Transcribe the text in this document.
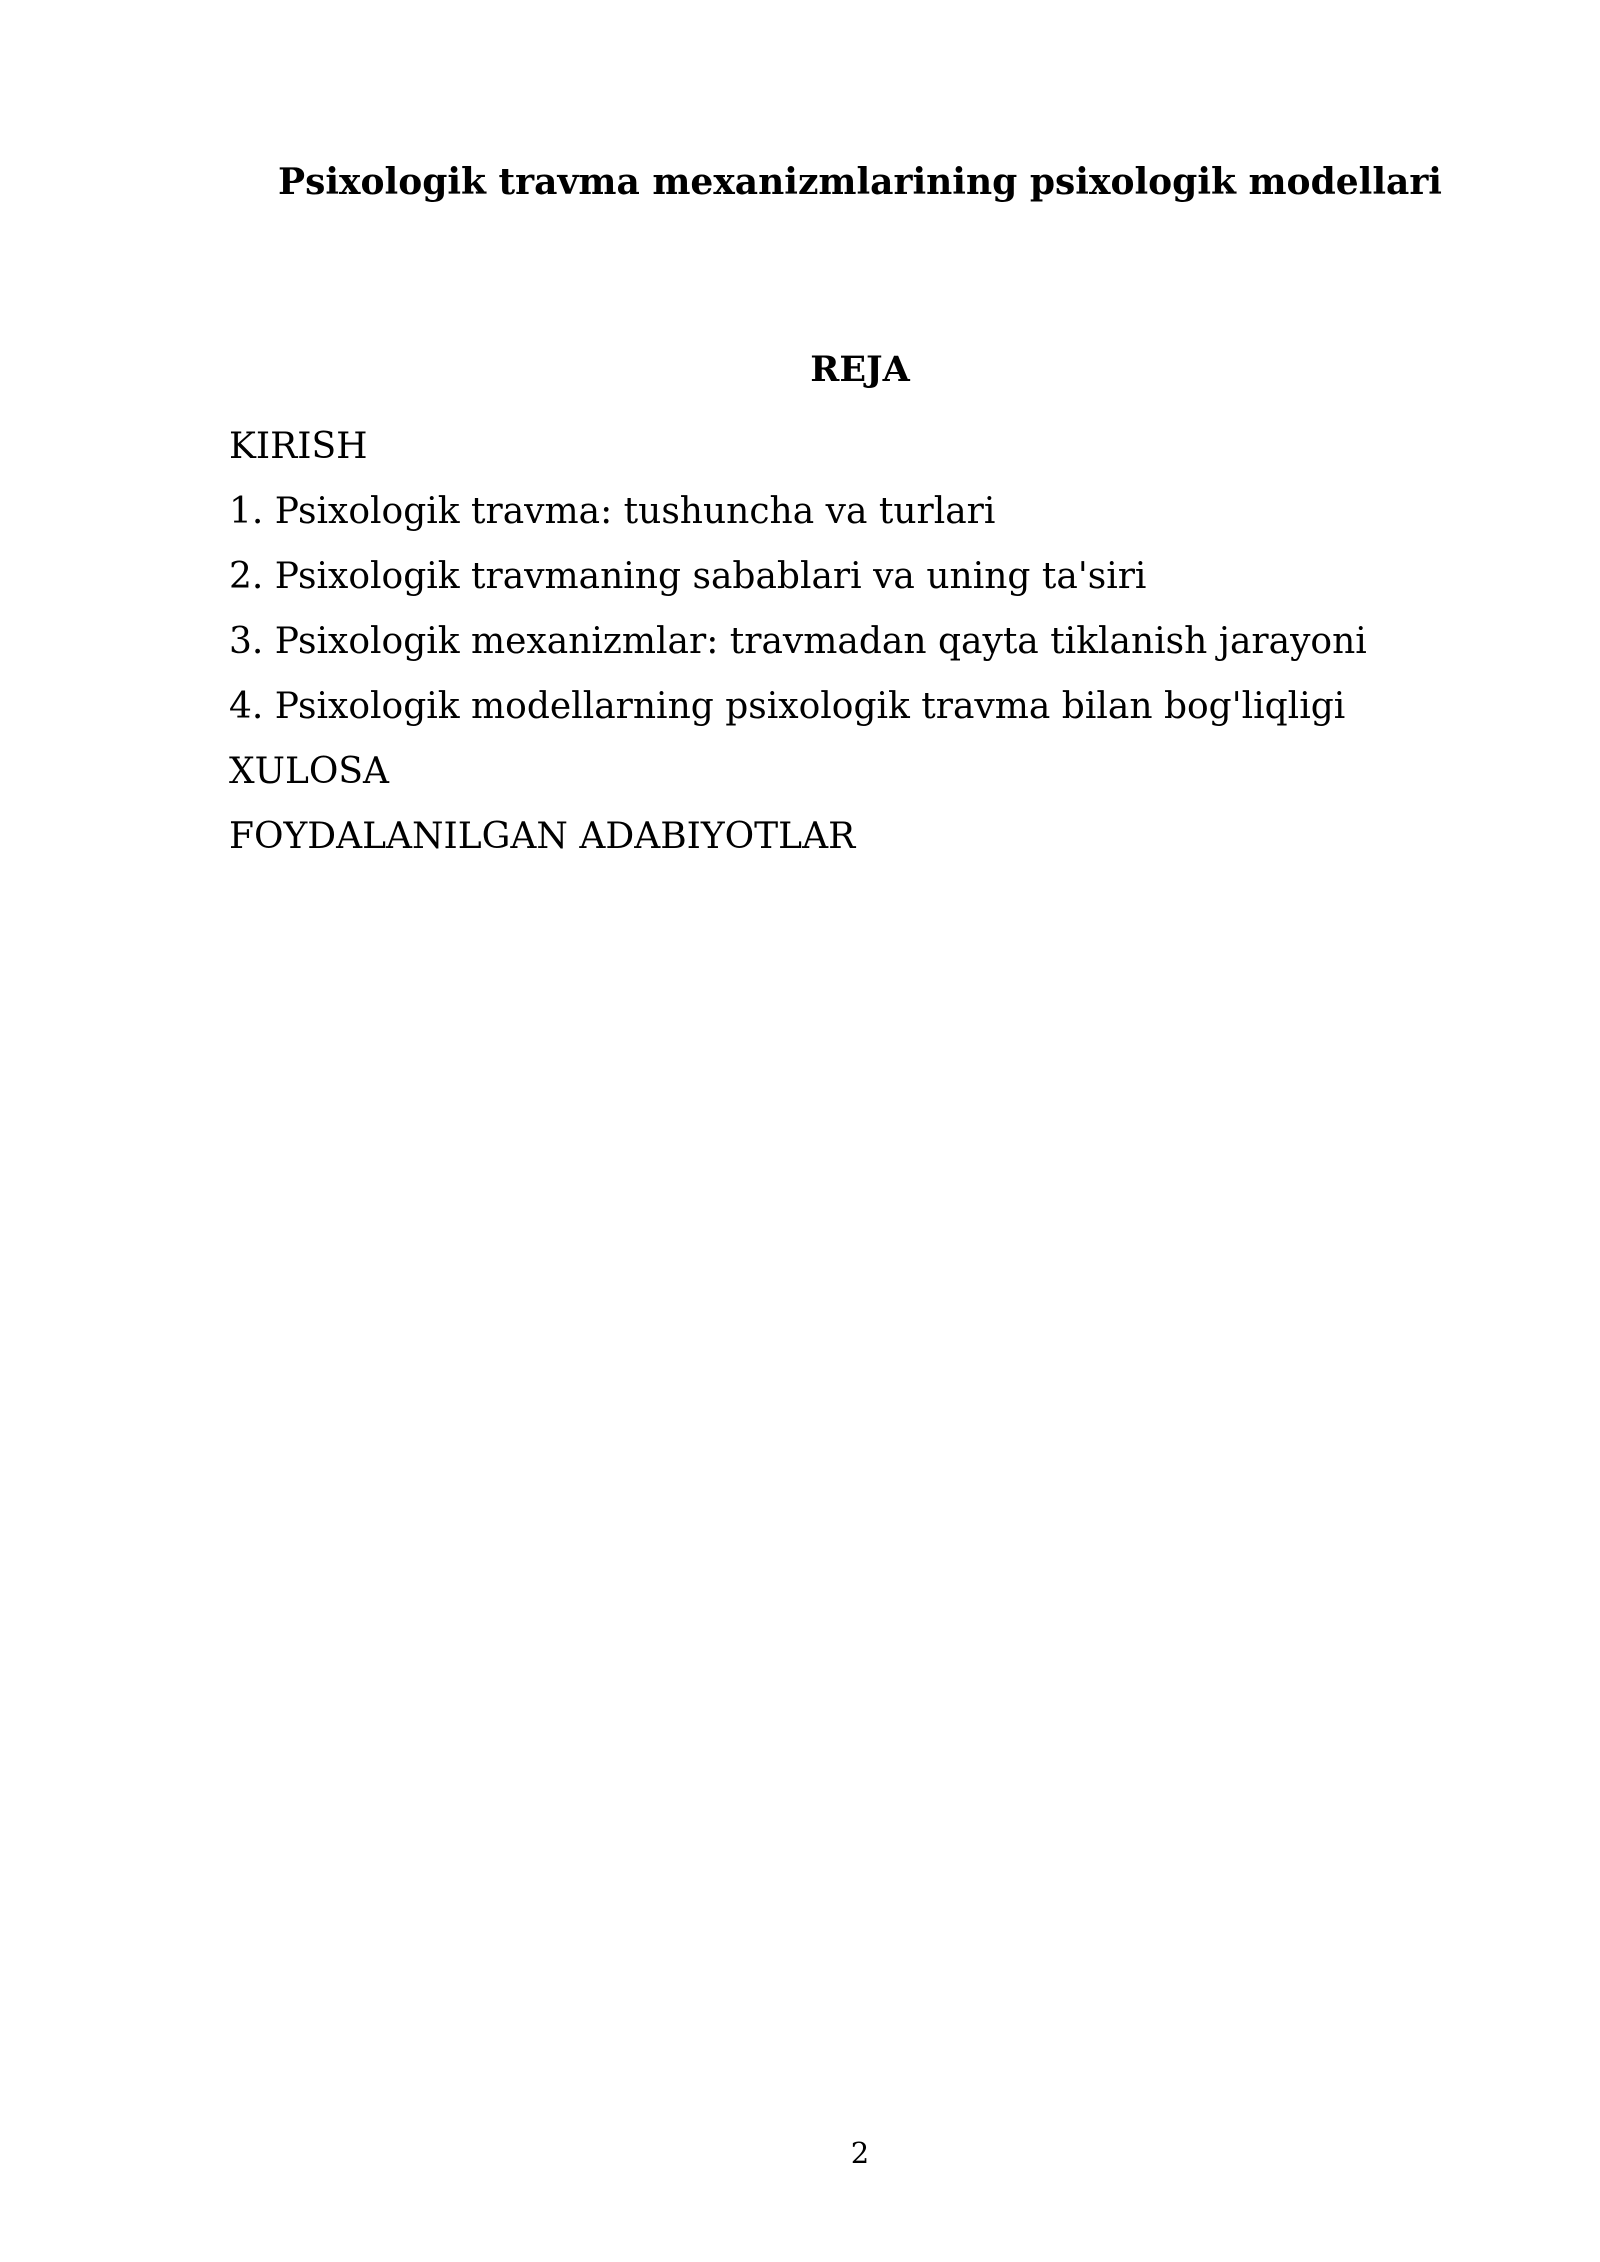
Psixologik travma mexanizmlarining psixologik modellari
REJA
KIRISH
1. Psixologik travma: tushuncha va turlari
2. Psixologik travmaning sabablari va uning ta'siri
3. Psixologik mexanizmlar: travmadan qayta tiklanish jarayoni
4. Psixologik modellarning psixologik travma bilan bog'liqligi
XULOSA
FOYDALANILGAN ADABIYOTLAR
2
